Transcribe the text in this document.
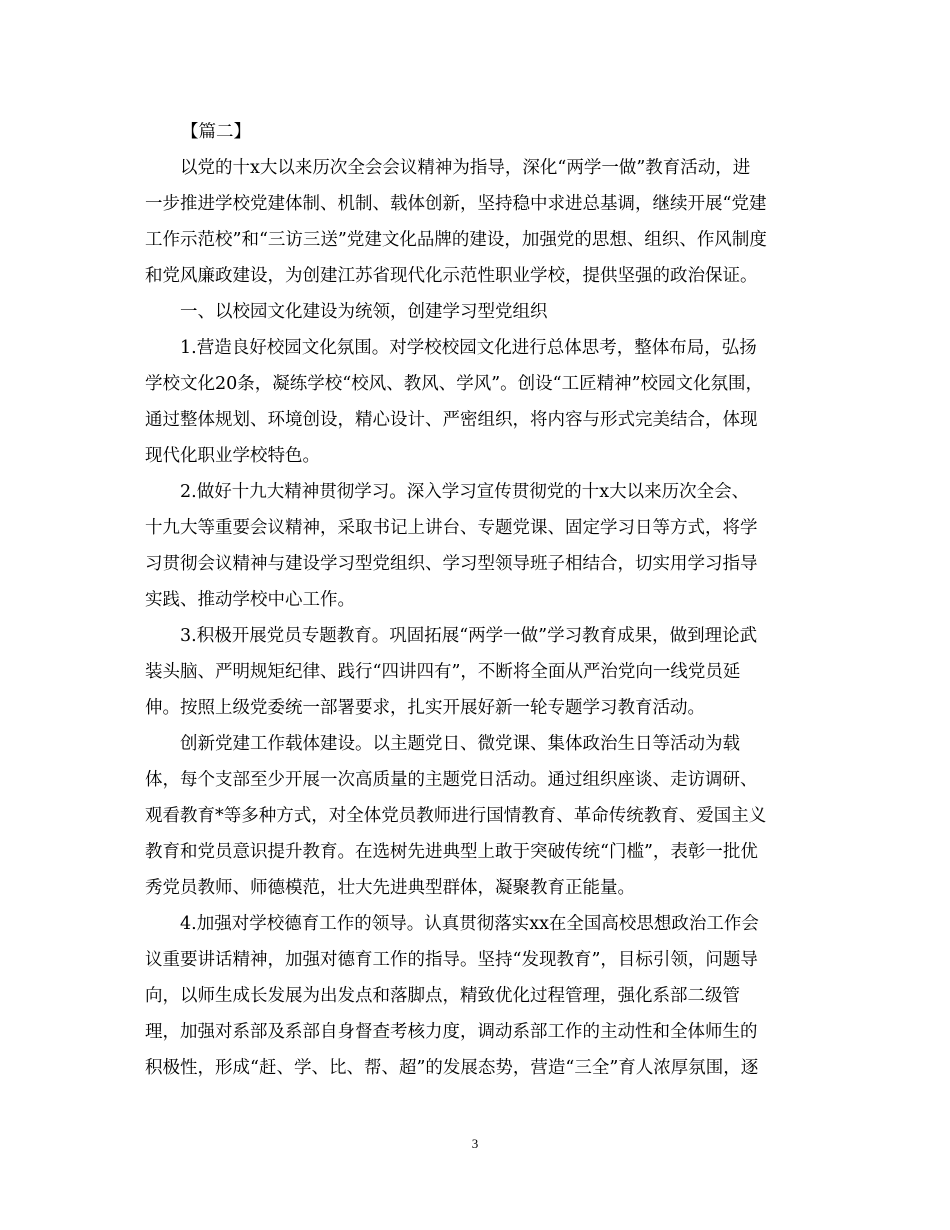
【篇二】
以党的十x大以来历次全会会议精神为指导，深化“两学一做”教育活动，进
一步推进学校党建体制、机制、载体创新，坚持稳中求进总基调，继续开展“党建
工作示范校”和“三访三送”党建文化品牌的建设，加强党的思想、组织、作风制度
和党风廉政建设，为创建江苏省现代化示范性职业学校，提供坚强的政治保证。
一、以校园文化建设为统领，创建学习型党组织
1.营造良好校园文化氛围。对学校校园文化进行总体思考，整体布局，弘扬
学校文化20条，凝练学校“校风、教风、学风”。创设“工匠精神”校园文化氛围，
通过整体规划、环境创设，精心设计、严密组织，将内容与形式完美结合，体现
现代化职业学校特色。
2.做好十九大精神贯彻学习。深入学习宣传贯彻党的十x大以来历次全会、
十九大等重要会议精神，采取书记上讲台、专题党课、固定学习日等方式，将学
习贯彻会议精神与建设学习型党组织、学习型领导班子相结合，切实用学习指导
实践、推动学校中心工作。
3.积极开展党员专题教育。巩固拓展“两学一做”学习教育成果，做到理论武
装头脑、严明规矩纪律、践行“四讲四有”，不断将全面从严治党向一线党员延
伸。按照上级党委统一部署要求，扎实开展好新一轮专题学习教育活动。
创新党建工作载体建设。以主题党日、微党课、集体政治生日等活动为载
体，每个支部至少开展一次高质量的主题党日活动。通过组织座谈、走访调研、
观看教育*等多种方式，对全体党员教师进行国情教育、革命传统教育、爱国主义
教育和党员意识提升教育。在选树先进典型上敢于突破传统“门槛”，表彰一批优
秀党员教师、师德模范，壮大先进典型群体，凝聚教育正能量。
4.加强对学校德育工作的领导。认真贯彻落实xx在全国高校思想政治工作会
议重要讲话精神，加强对德育工作的指导。坚持“发现教育”，目标引领，问题导
向，以师生成长发展为出发点和落脚点，精致优化过程管理，强化系部二级管
理，加强对系部及系部自身督查考核力度，调动系部工作的主动性和全体师生的
积极性，形成“赶、学、比、帮、超”的发展态势，营造“三全”育人浓厚氛围，逐
3
